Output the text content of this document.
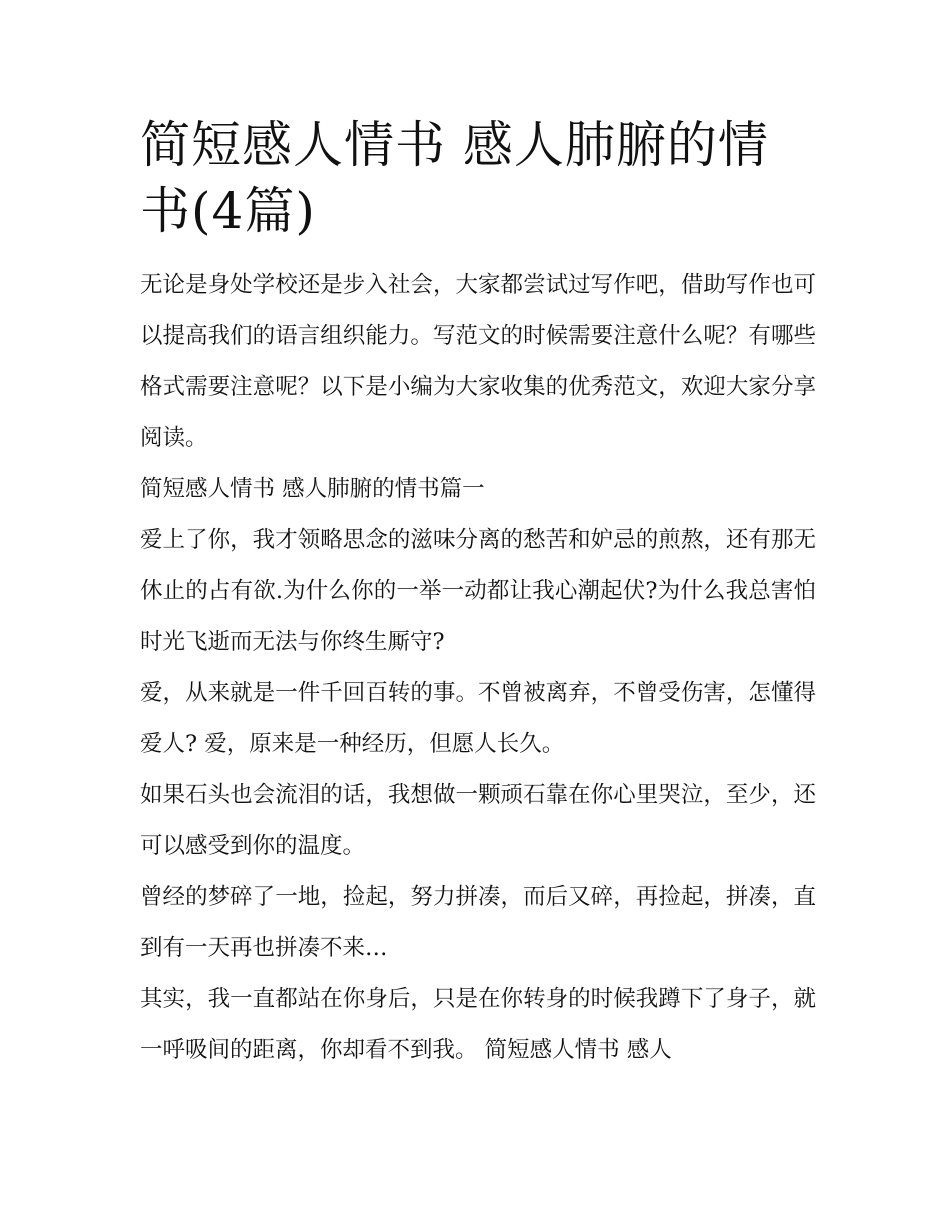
简短感人情书 感人肺腑的情书(4篇)

无论是身处学校还是步入社会，大家都尝试过写作吧，借助写作也可以提高我们的语言组织能力。写范文的时候需要注意什么呢？有哪些格式需要注意呢？以下是小编为大家收集的优秀范文，欢迎大家分享阅读。

简短感人情书 感人肺腑的情书篇一

爱上了你，我才领略思念的滋味分离的愁苦和妒忌的煎熬，还有那无休止的占有欲.为什么你的一举一动都让我心潮起伏?为什么我总害怕时光飞逝而无法与你终生厮守?

爱，从来就是一件千回百转的事。不曾被离弃，不曾受伤害，怎懂得爱人? 爱，原来是一种经历，但愿人长久。

如果石头也会流泪的话，我想做一颗顽石靠在你心里哭泣，至少，还可以感受到你的温度。

曾经的梦碎了一地，捡起，努力拼凑，而后又碎，再捡起，拼凑，直到有一天再也拼凑不来…

其实，我一直都站在你身后，只是在你转身的时候我蹲下了身子，就一呼吸间的距离，你却看不到我。 简短感人情书 感人
